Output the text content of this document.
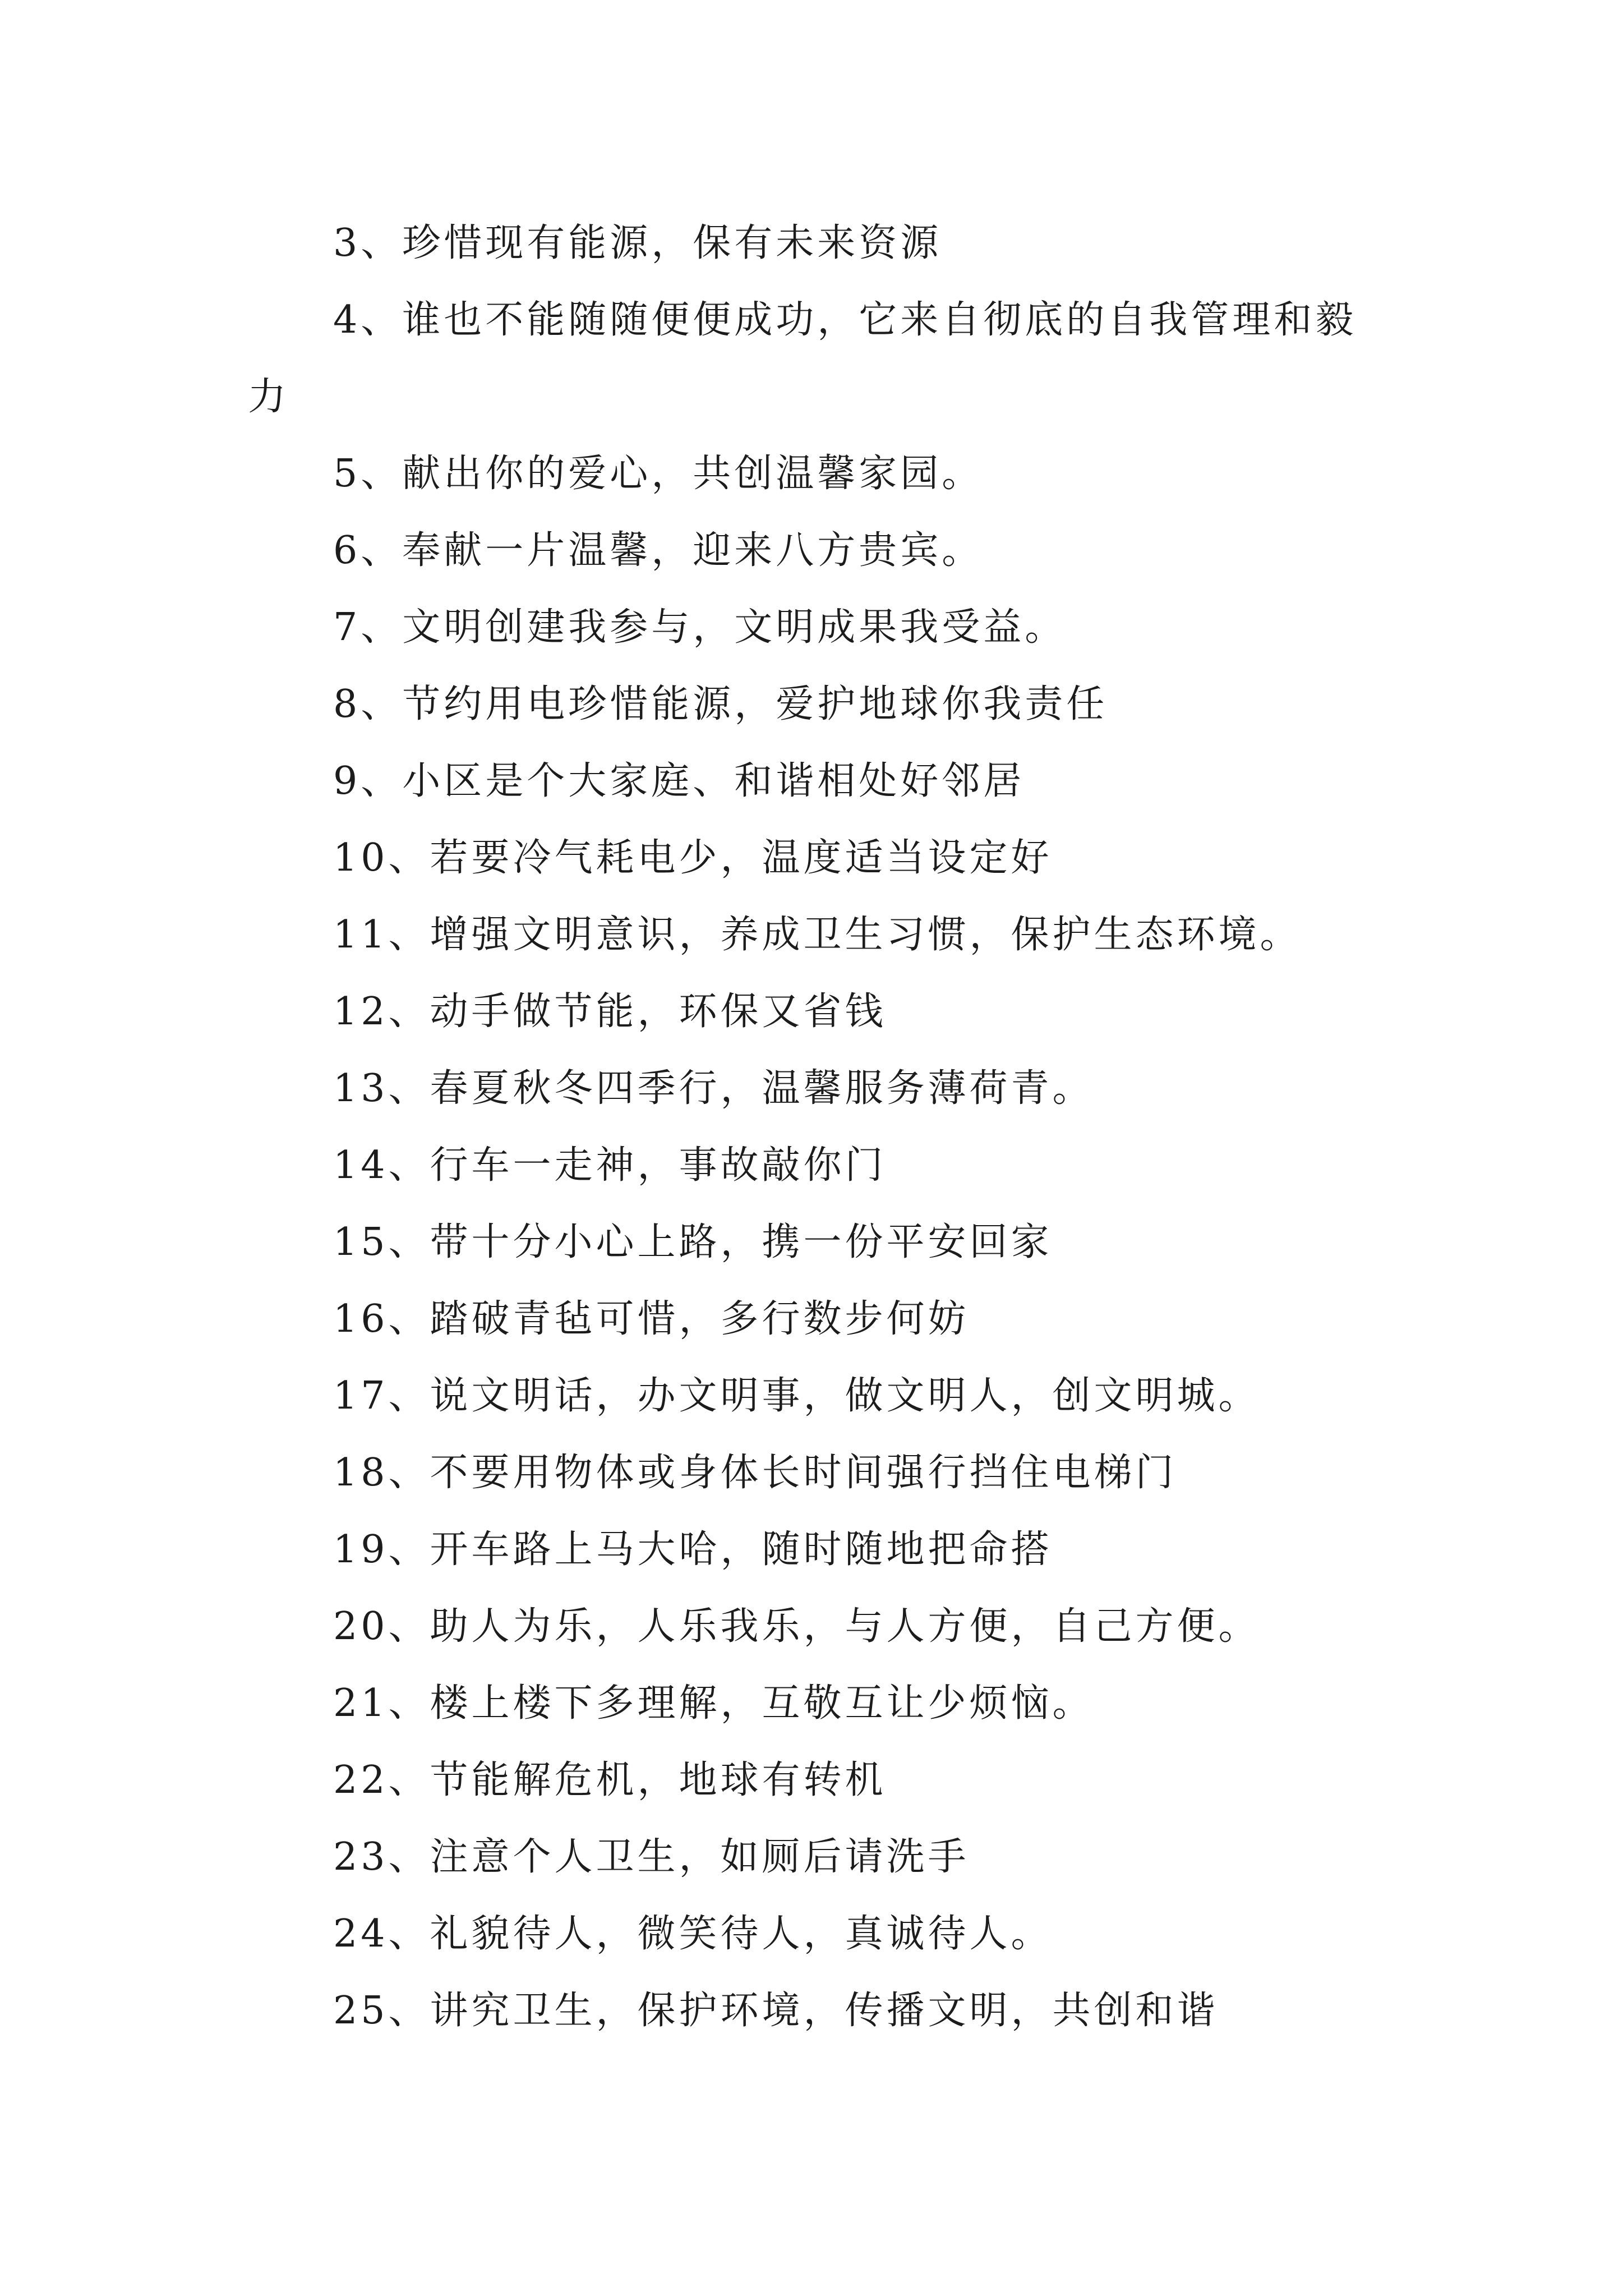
3、珍惜现有能源，保有未来资源

4、谁也不能随随便便成功，它来自彻底的自我管理和毅力

5、献出你的爱心，共创温馨家园。

6、奉献一片温馨，迎来八方贵宾。

7、文明创建我参与，文明成果我受益。

8、节约用电珍惜能源，爱护地球你我责任

9、小区是个大家庭、和谐相处好邻居

10、若要冷气耗电少，温度适当设定好

11、增强文明意识，养成卫生习惯，保护生态环境。

12、动手做节能，环保又省钱

13、春夏秋冬四季行，温馨服务薄荷青。

14、行车一走神，事故敲你门

15、带十分小心上路，携一份平安回家

16、踏破青毡可惜，多行数步何妨

17、说文明话，办文明事，做文明人，创文明城。

18、不要用物体或身体长时间强行挡住电梯门

19、开车路上马大哈，随时随地把命搭

20、助人为乐，人乐我乐，与人方便，自己方便。

21、楼上楼下多理解，互敬互让少烦恼。

22、节能解危机，地球有转机

23、注意个人卫生，如厕后请洗手

24、礼貌待人，微笑待人，真诚待人。

25、讲究卫生，保护环境，传播文明，共创和谐
